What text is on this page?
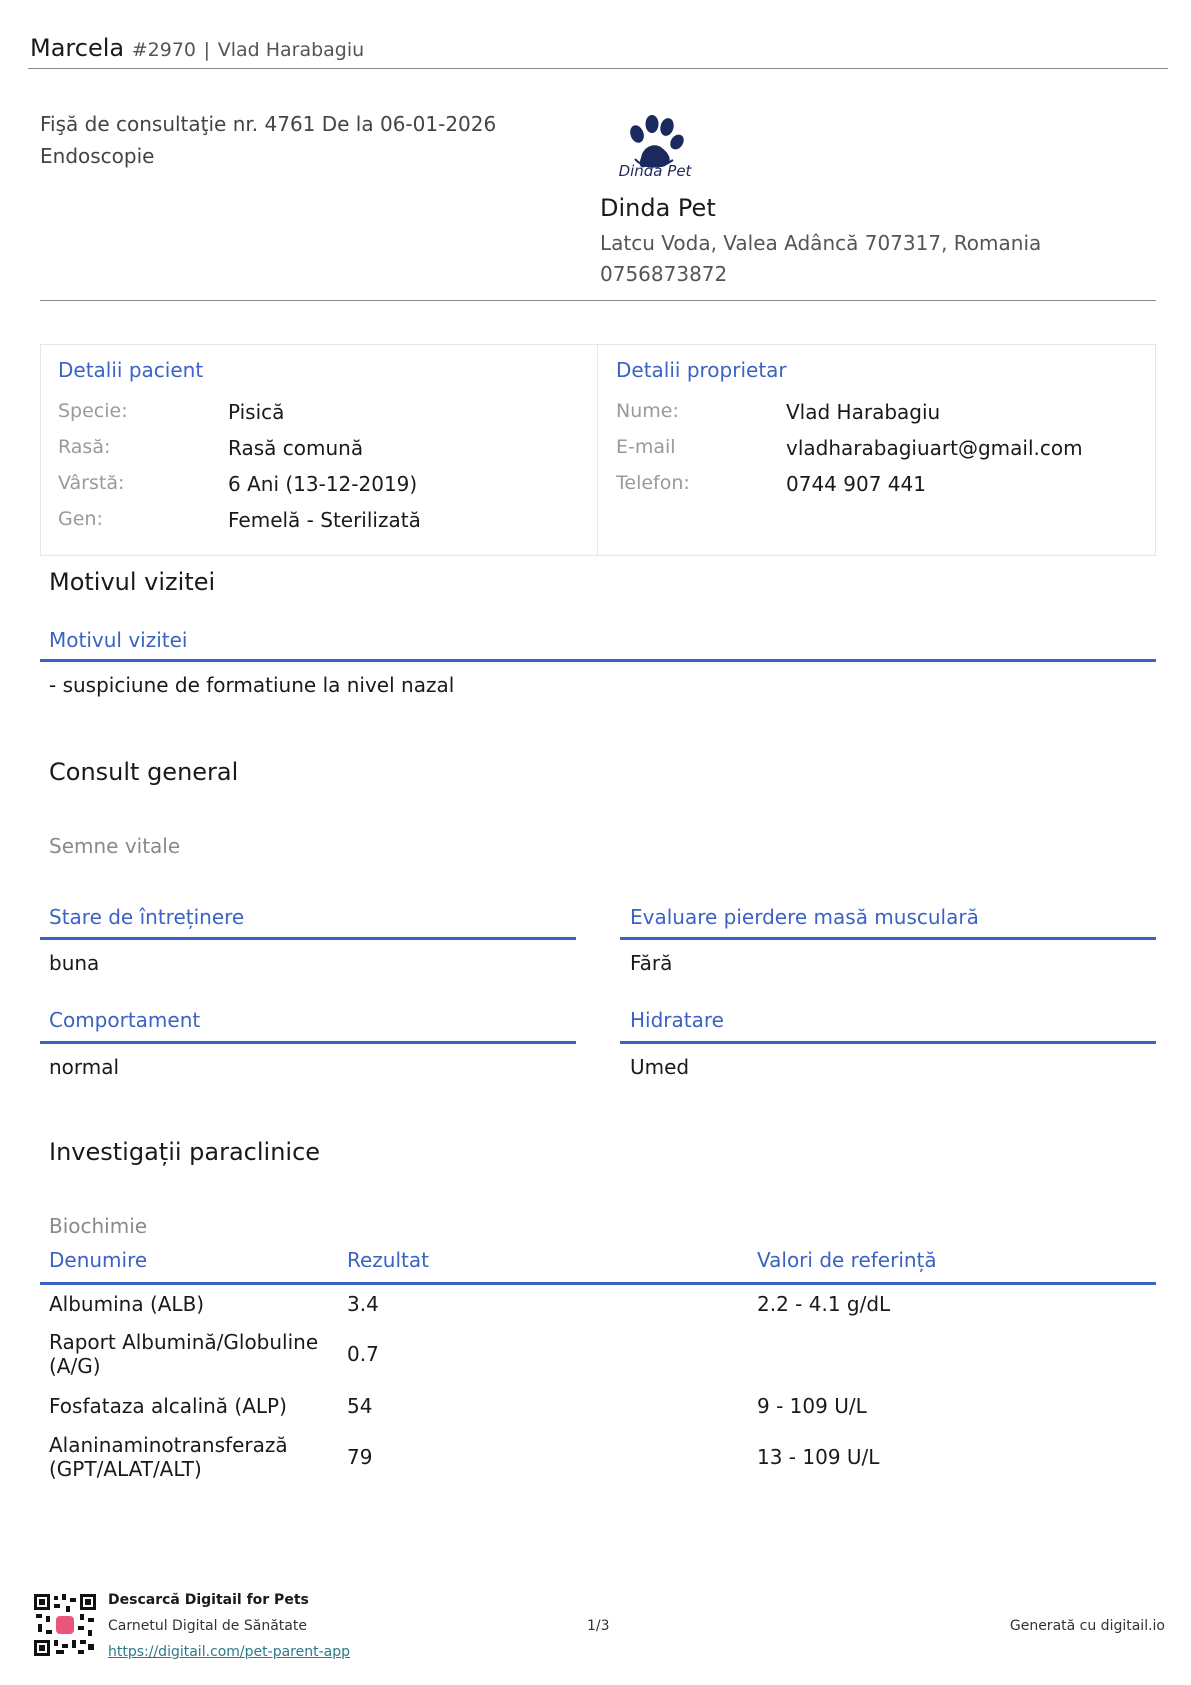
Marcela #2970 | Vlad Harabagiu
Fişă de consultaţie nr. 4761 De la 06-01-2026
Endoscopie
Dinda Pet
Dinda Pet
Latcu Voda, Valea Adâncă 707317, Romania
0756873872
Detalii pacient
Specie:	Pisică
Rasă:	Rasă comună
Vârstă:	6 Ani (13-12-2019)
Gen:	Femelă - Sterilizată
Detalii proprietar
Nume:	Vlad Harabagiu
E-mail	vladharabagiuart@gmail.com
Telefon:	0744 907 441
Motivul vizitei
Motivul vizitei
- suspiciune de formatiune la nivel nazal
Consult general
Semne vitale
Stare de întreținere
buna
Evaluare pierdere masă musculară
Fără
Comportament
normal
Hidratare
Umed
Investigații paraclinice
Biochimie
Denumire	Rezultat	Valori de referință
Albumina (ALB)	3.4	2.2 - 4.1 g/dL
Raport Albumină/Globuline (A/G)	0.7
Fosfataza alcalină (ALP)	54	9 - 109 U/L
Alaninaminotransferază (GPT/ALAT/ALT)	79	13 - 109 U/L
Descarcă Digitail for Pets
Carnetul Digital de Sănătate
https://digitail.com/pet-parent-app
1/3	Generată cu digitail.io
